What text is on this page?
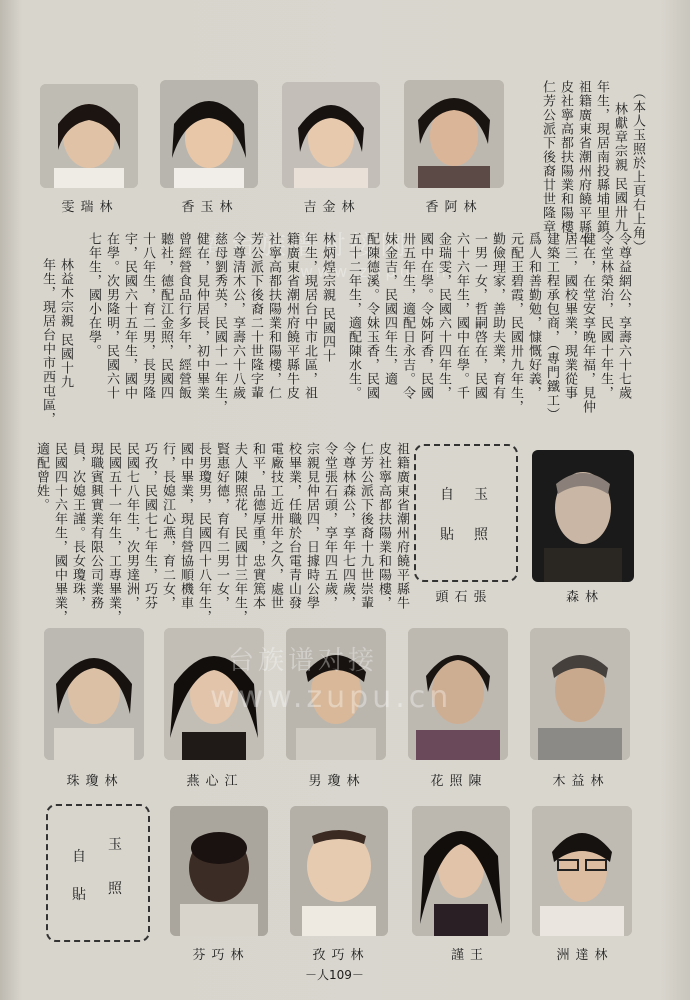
雯瑞林	香玉林	吉金林	香阿林	（本人玉照於上頁右上角）
林獻章宗親 民國卅九
年生，現居南投縣埔里鎮
祖籍廣東省潮州府饒平縣牛
皮社寧高都扶陽業和陽樓，
仁芳公派下後裔廿世隆章
濟台族谱对接网
www.zupu.cn	令尊益網公，享壽六十七歲
令堂林榮治，民國十年生，
健在，在堂安享晚年福，見仲
居三，國校畢業，現業從事
建築工程承包商，（專門鐵工）
爲人和善勤勉，慷慨好義，
元配王碧霞，民國卅九年生，
勤儉理家，善助夫業，育有
一男一女，哲嗣啓在，民國
六十六年生，國中在學。千
金瑞雯，民國六十四年生，
國中在學。令姊阿香，民國
卅五年生，適配日永吉。令
妹金吉，民國四年生，適
配陳德溪。令妹玉香，民國
五十二年生，適配陳水生。
林炳煌宗親 民國四十
年生，現居台中市北區，祖
籍廣東省潮州府饒平縣牛皮
社寧高都扶陽業和陽樓，仁
芳公派下後裔二十世隆字輩
令尊清木公，享壽六十八歲
慈母劉秀英，民國十一年生，
健在，見仲居長，初中畢業
曾經營食品行多年，經營飯
聽社，德配江金照，民國四
十八年生，育二男，長男隆
宇，民國六十五年生，國中
在學。次男隆明，民國六十
七年生，國小在學。
林益木宗親 民國十九
年生，現居台中市西屯區，
祖籍廣東省潮州府饒平縣牛
皮社寧高都扶陽業和陽樓，
仁芳公派下後裔十九世崇輩
令尊林森公，享年七四歲，
令堂張石頭，享年四五歲，
宗親見仲居四，日據時公學
校畢業，任職於台電青山發
電廠技工近卅年之久，處世
和平，品德厚重，忠實篤本
夫人陳照花，民國廿三年生，
賢惠好德，育有二男一女，
長男瓊男，民國四十八年生，
國中畢業，現自營協順機車
行，長媳江心燕，育二女，
巧孜，民國七七年生，巧芬
民國七八年生，次男達洲，
民國五十一年生，工專畢業，
現職賓興實業有限公司業務
員，次媳王謹。長女瓊珠，
民國四十六年生，國中畢業，
適配曾姓。	玉
照
自
貼
頭石張	森林
台族谱对接
www.zupu.cn
珠瓊林	燕心江	男瓊林	花照陳	木益林
玉
照
自
貼
芬巧林	孜巧林	謹王	洲達林
－人109－
